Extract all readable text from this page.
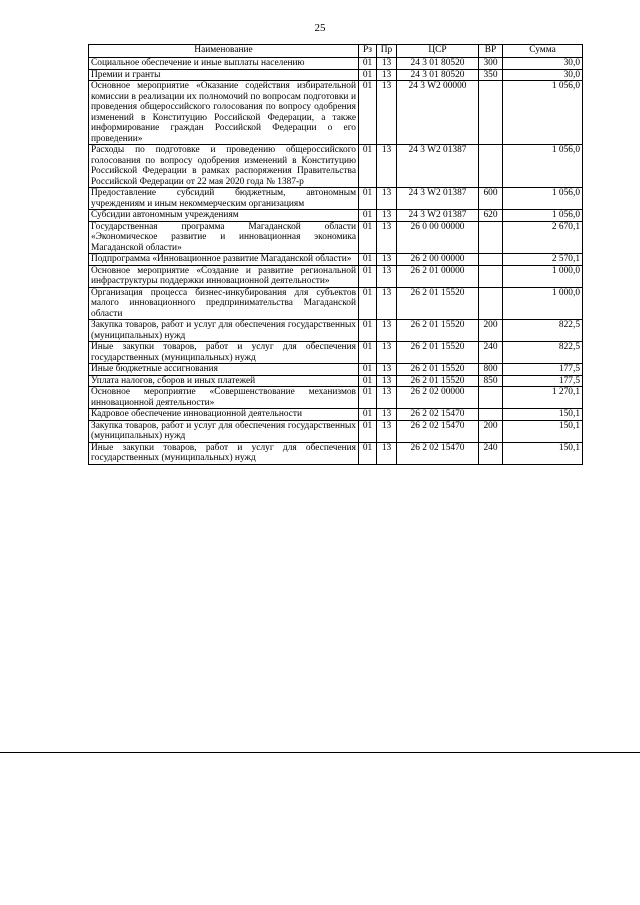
25
Наименование	Рз	Пр	ЦСР	ВР	Сумма
Социальное обеспечение и иные выплаты населению	01	13	24 3 01 80520	300	30,0
Премии и гранты	01	13	24 3 01 80520	350	30,0
Основное мероприятие «Оказание содействия избирательной комиссии в реализации их полномочий по вопросам подготовки и проведения общероссийского голосования по вопросу одобрения изменений в Конституцию Российской Федерации, а также информирование граждан Российской Федерации о его проведении»	01	13	24 3 W2 00000		1 056,0
Расходы по подготовке и проведению общероссийского голосования по вопросу одобрения изменений в Конституцию Российской Федерации в рамках распоряжения Правительства Российской Федерации от 22 мая 2020 года № 1387-р	01	13	24 3 W2 01387		1 056,0
Предоставление субсидий бюджетным, автономным учреждениям и иным некоммерческим организациям	01	13	24 3 W2 01387	600	1 056,0
Субсидии автономным учреждениям	01	13	24 3 W2 01387	620	1 056,0
Государственная программа Магаданской области «Экономическое развитие и инновационная экономика Магаданской области»	01	13	26 0 00 00000		2 670,1
Подпрограмма «Инновационное развитие Магаданской области»	01	13	26 2 00 00000		2 570,1
Основное мероприятие «Создание и развитие региональной инфраструктуры поддержки инновационной деятельности»	01	13	26 2 01 00000		1 000,0
Организация процесса бизнес-инкубирования для субъектов малого инновационного предпринимательства Магаданской области	01	13	26 2 01 15520		1 000,0
Закупка товаров, работ и услуг для обеспечения государственных (муниципальных) нужд	01	13	26 2 01 15520	200	822,5
Иные закупки товаров, работ и услуг для обеспечения государственных (муниципальных) нужд	01	13	26 2 01 15520	240	822,5
Иные бюджетные ассигнования	01	13	26 2 01 15520	800	177,5
Уплата налогов, сборов и иных платежей	01	13	26 2 01 15520	850	177,5
Основное мероприятие «Совершенствование механизмов инновационной деятельности»	01	13	26 2 02 00000		1 270,1
Кадровое обеспечение инновационной деятельности	01	13	26 2 02 15470		150,1
Закупка товаров, работ и услуг для обеспечения государственных (муниципальных) нужд	01	13	26 2 02 15470	200	150,1
Иные закупки товаров, работ и услуг для обеспечения государственных (муниципальных) нужд	01	13	26 2 02 15470	240	150,1
